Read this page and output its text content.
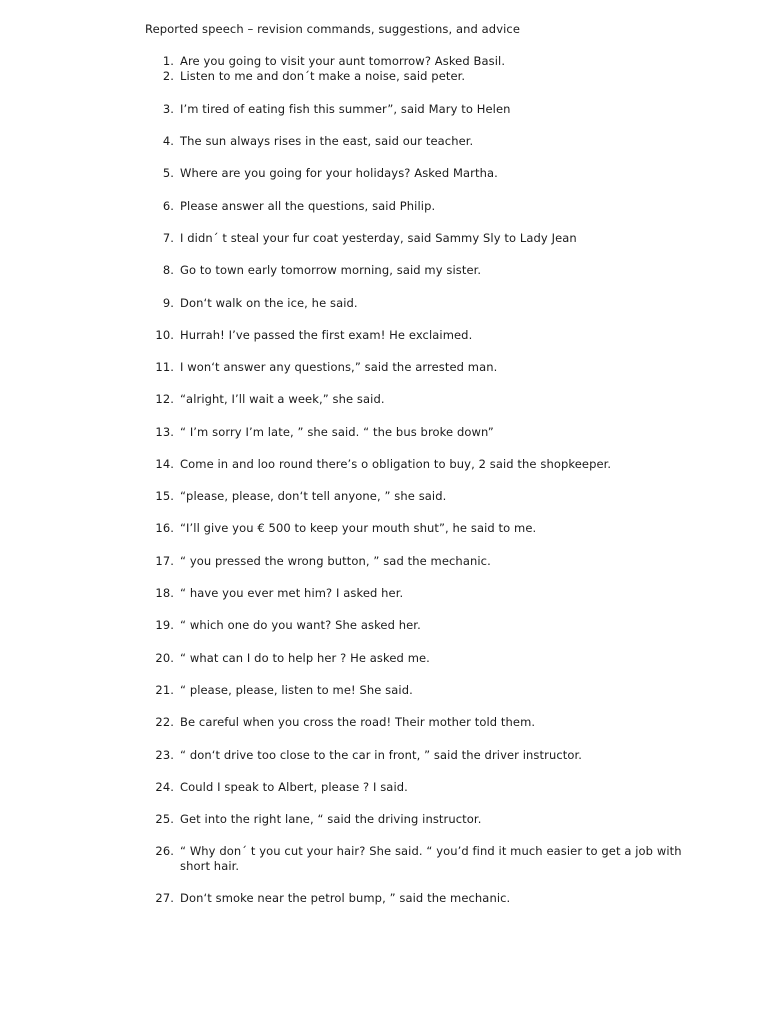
Reported speech – revision commands, suggestions, and advice
1. Are you going to visit your aunt tomorrow? Asked Basil.
2. Listen to me and don´t make a noise, said peter.
3. I’m tired of eating fish this summer”, said Mary to Helen
4. The sun always rises in the east, said our teacher.
5. Where are you going for your holidays? Asked Martha.
6. Please answer all the questions, said Philip.
7. I didn´ t steal your fur coat yesterday, said Sammy Sly to Lady Jean
8. Go to town early tomorrow morning, said my sister.
9. Don‘t walk on the ice, he said.
10. Hurrah! I’ve passed the first exam! He exclaimed.
11. I won‘t answer any questions,” said the arrested man.
12. “alright, I’ll wait a week,” she said.
13. “ I’m sorry I’m late, ” she said. “ the bus broke down”
14. Come in and loo round there’s o obligation to buy, 2 said the shopkeeper.
15. “please, please, don‘t tell anyone, ” she said.
16. “I’ll give you € 500 to keep your mouth shut”, he said to me.
17. “ you pressed the wrong button, ” sad the mechanic.
18. “ have you ever met him? I asked her.
19. “ which one do you want? She asked her.
20. “ what can I do to help her ? He asked me.
21. “ please, please, listen to me! She said.
22. Be careful when you cross the road! Their mother told them.
23. “ don‘t drive too close to the car in front, ” said the driver instructor.
24. Could I speak to Albert, please ? I said.
25. Get into the right lane, “ said the driving instructor.
26. “ Why don´ t you cut your hair? She said. “ you’d find it much easier to get a job with short hair.
27. Don‘t smoke near the petrol bump, ” said the mechanic.
